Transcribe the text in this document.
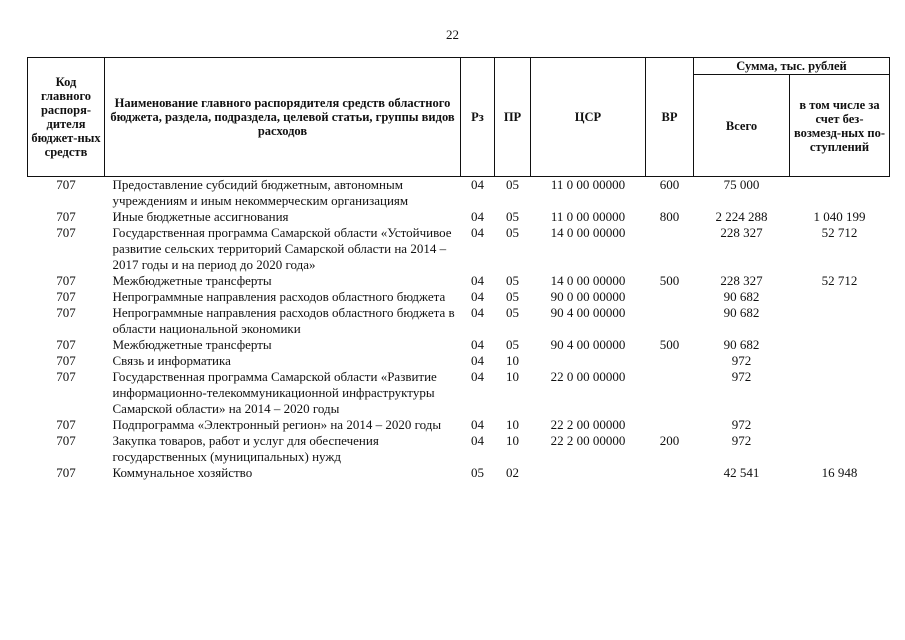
22
Код главного распоря-дителя бюджет-ных средств	Наименование главного распорядителя средств областного бюджета, раздела, подраздела, целевой статьи, группы видов расходов	Рз	ПР	ЦСР	ВР	Сумма, тыс. рублей	
						Всего	в том числе за счет без-возмезд-ных по-ступлений
707	Предоставление субсидий бюджетным, автономным учреждениям и иным некоммерческим организациям	04	05	11 0 00 00000	600	75 000	
707	Иные бюджетные ассигнования	04	05	11 0 00 00000	800	2 224 288	1 040 199
707	Государственная программа Самарской области «Устойчивое развитие сельских территорий Самарской области на 2014 – 2017 годы и на период до 2020 года»	04	05	14 0 00 00000		228 327	52 712
707	Межбюджетные трансферты	04	05	14 0 00 00000	500	228 327	52 712
707	Непрограммные направления расходов областного бюджета	04	05	90 0 00 00000		90 682	
707	Непрограммные направления расходов областного бюджета в области национальной экономики	04	05	90 4 00 00000		90 682	
707	Межбюджетные трансферты	04	05	90 4 00 00000	500	90 682	
707	Связь и информатика	04	10			972	
707	Государственная программа Самарской области «Развитие информационно-телекоммуникационной инфраструктуры Самарской области» на 2014 – 2020 годы	04	10	22 0 00 00000		972	
707	Подпрограмма «Электронный регион» на 2014 – 2020 годы	04	10	22 2 00 00000		972	
707	Закупка товаров, работ и услуг для обеспечения государственных (муниципальных) нужд	04	10	22 2 00 00000	200	972	
707	Коммунальное хозяйство	05	02			42 541	16 948
